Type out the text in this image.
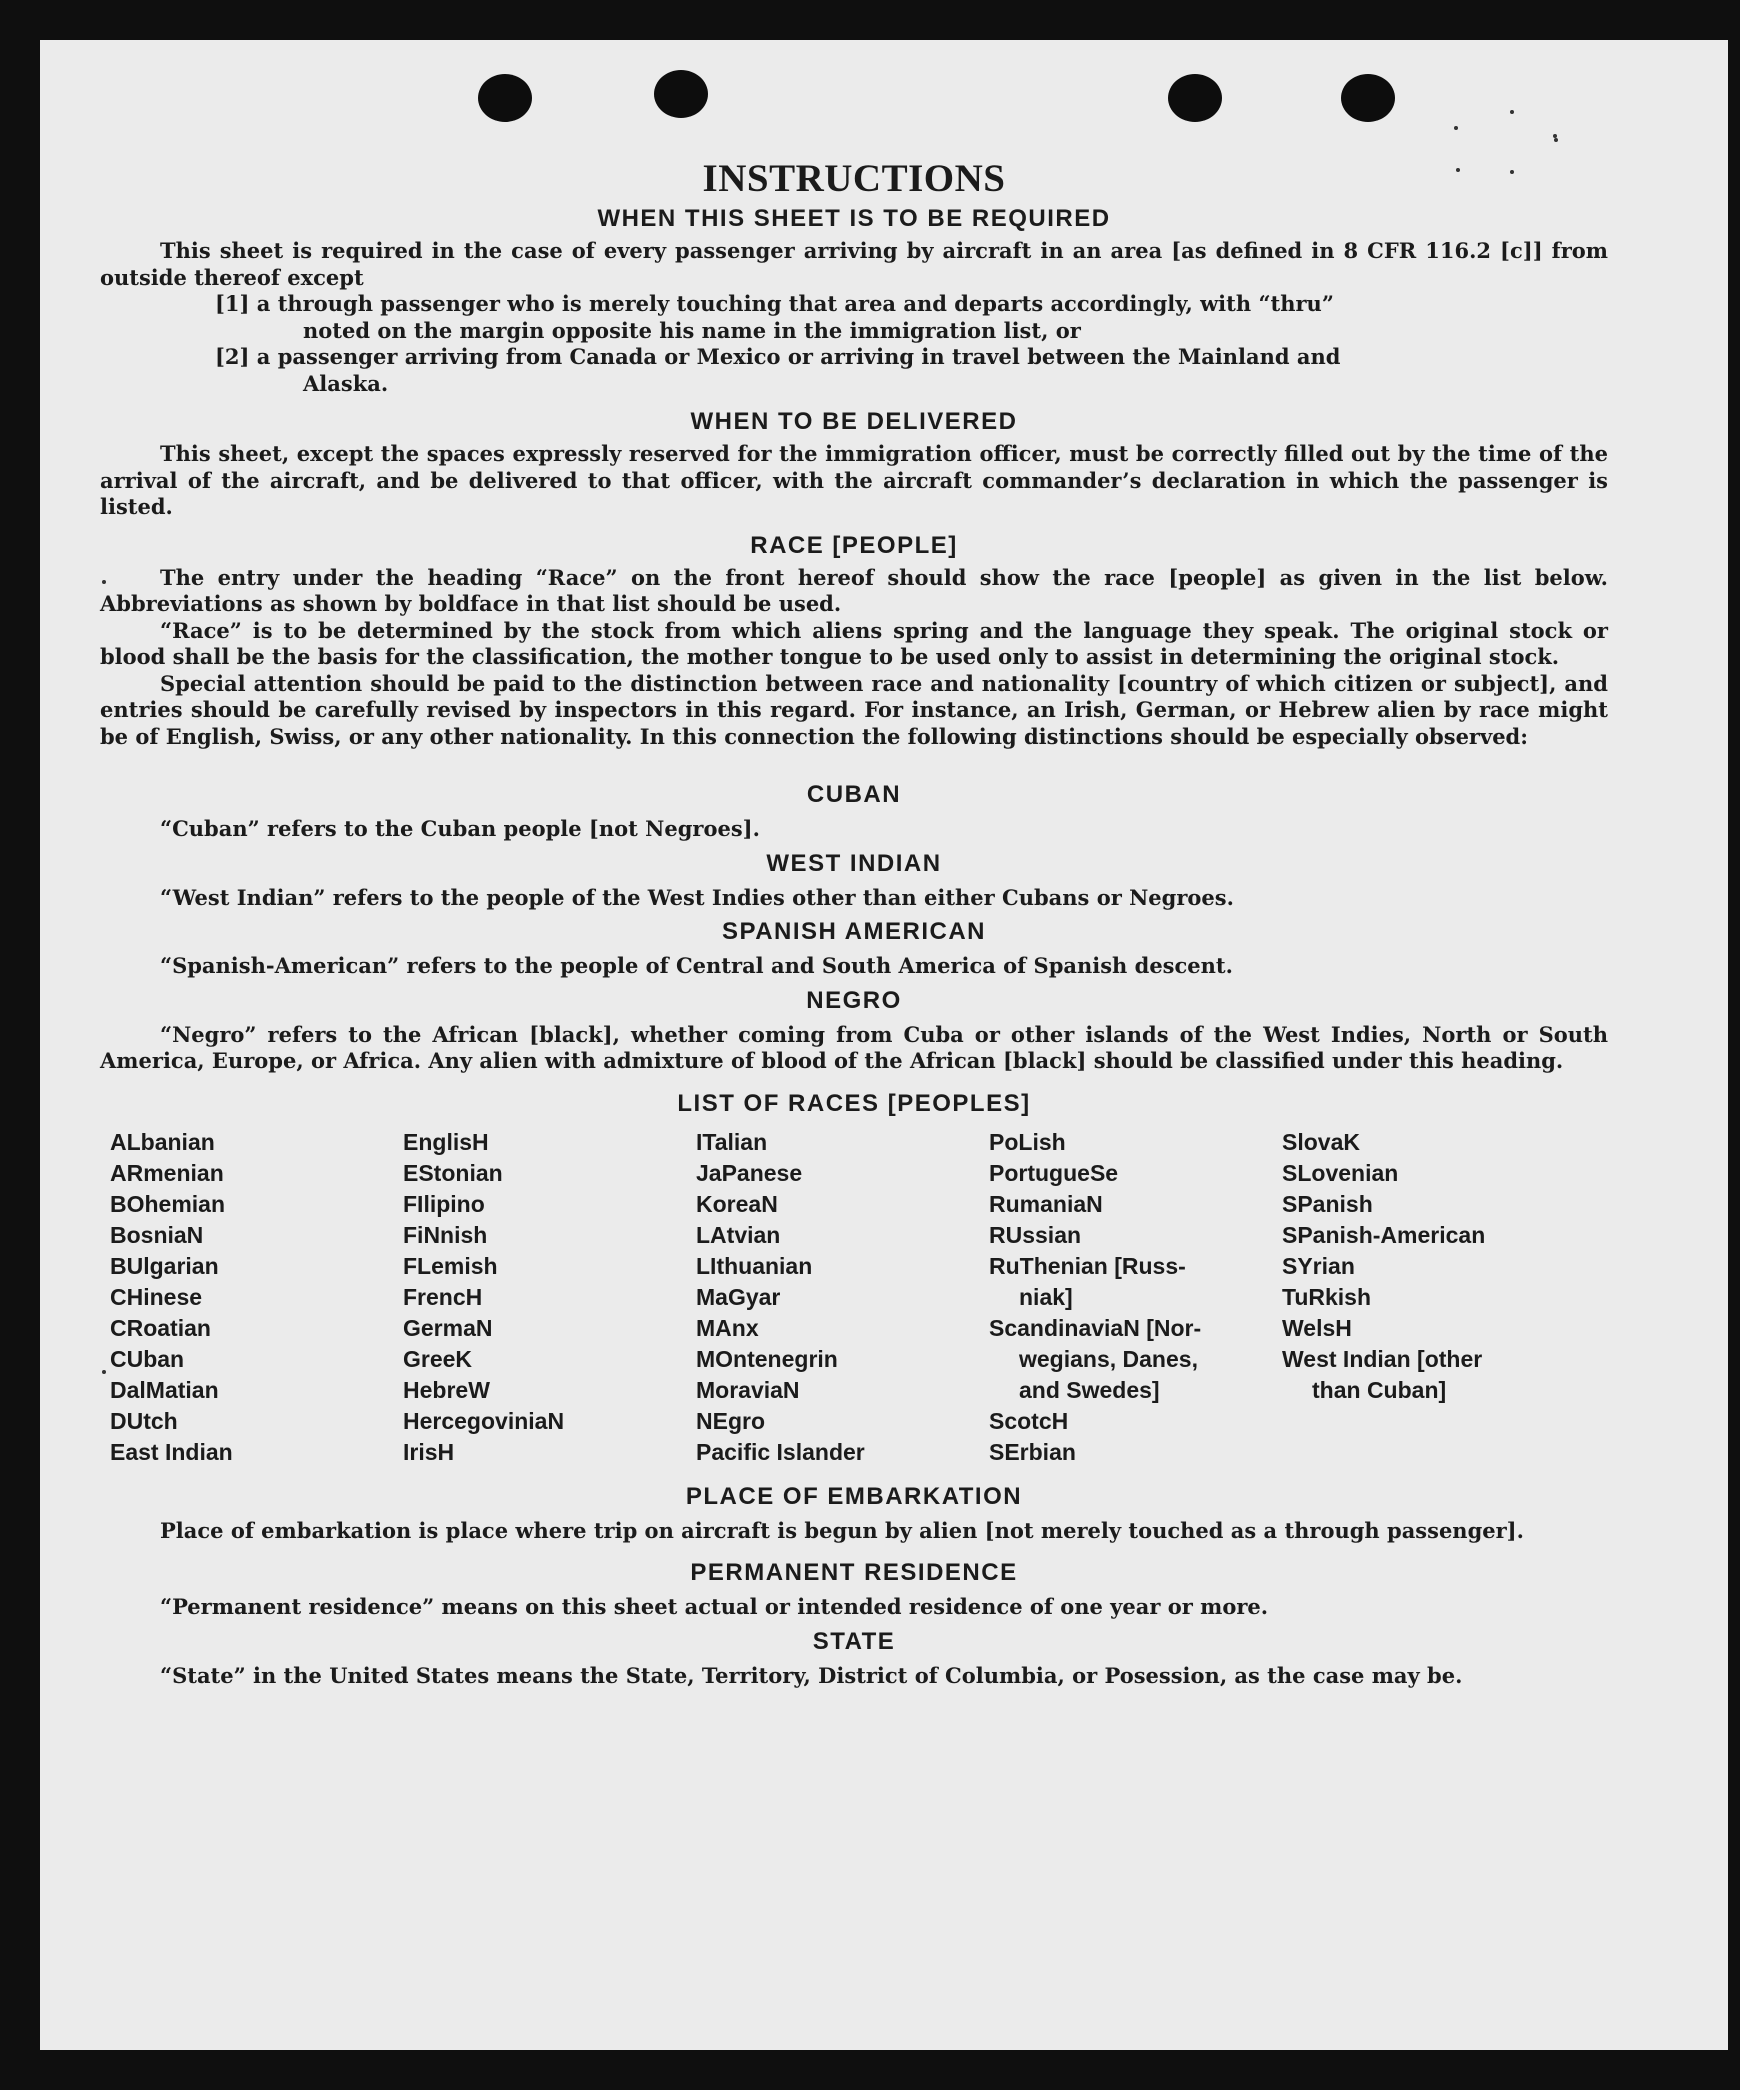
INSTRUCTIONS
WHEN THIS SHEET IS TO BE REQUIRED

This sheet is required in the case of every passenger arriving by aircraft in an area [as defined in 8 CFR 116.2 [c]] from outside thereof except

[1] a through passenger who is merely touching that area and departs accordingly, with “thru”
noted on the margin opposite his name in the immigration list, or
[2] a passenger arriving from Canada or Mexico or arriving in travel between the Mainland and
Alaska.
WHEN TO BE DELIVERED

This sheet, except the spaces expressly reserved for the immigration officer, must be correctly filled out by the time of the arrival of the aircraft, and be delivered to that officer, with the aircraft commander’s declaration in which the passenger is listed.

RACE [PEOPLE]

The entry under the heading “Race” on the front hereof should show the race [people] as given in the list below. Abbreviations as shown by boldface in that list should be used.

“Race” is to be determined by the stock from which aliens spring and the language they speak. The original stock or blood shall be the basis for the classification, the mother tongue to be used only to assist in determining the original stock.

Special attention should be paid to the distinction between race and nationality [country of which citizen or subject], and entries should be carefully revised by inspectors in this regard. For instance, an Irish, German, or Hebrew alien by race might be of English, Swiss, or any other nationality. In this connection the following distinctions should be especially observed:

CUBAN

“Cuban” refers to the Cuban people [not Negroes].

WEST INDIAN

“West Indian” refers to the people of the West Indies other than either Cubans or Negroes.

SPANISH AMERICAN

“Spanish-American” refers to the people of Central and South America of Spanish descent.

NEGRO

“Negro” refers to the African [black], whether coming from Cuba or other islands of the West Indies, North or South America, Europe, or Africa. Any alien with admixture of blood of the African [black] should be classified under this heading.

LIST OF RACES [PEOPLES]
ALbanian
ARmenian
BOhemian
BosniaN
BUlgarian
CHinese
CRoatian
CUban
DalMatian
DUtch
East Indian
EnglisH
EStonian
FIlipino
FiNnish
FLemish
FrencH
GermaN
GreeK
HebreW
HercegoviniaN
IrisH
ITalian
JaPanese
KoreaN
LAtvian
LIthuanian
MaGyar
MAnx
MOntenegrin
MoraviaN
NEgro
Pacific Islander
PoLish
PortugueSe
RumaniaN
RUssian
RuThenian [Russ-
niak]
ScandinaviaN [Nor-
wegians, Danes,
and Swedes]
ScotcH
SErbian
SlovaK
SLovenian
SPanish
SPanish-American
SYrian
TuRkish
WelsH
West Indian [other
than Cuban]
PLACE OF EMBARKATION

Place of embarkation is place where trip on aircraft is begun by alien [not merely touched as a through passenger].

PERMANENT RESIDENCE

“Permanent residence” means on this sheet actual or intended residence of one year or more.

STATE

“State” in the United States means the State, Territory, District of Columbia, or Posession, as the case may be.
